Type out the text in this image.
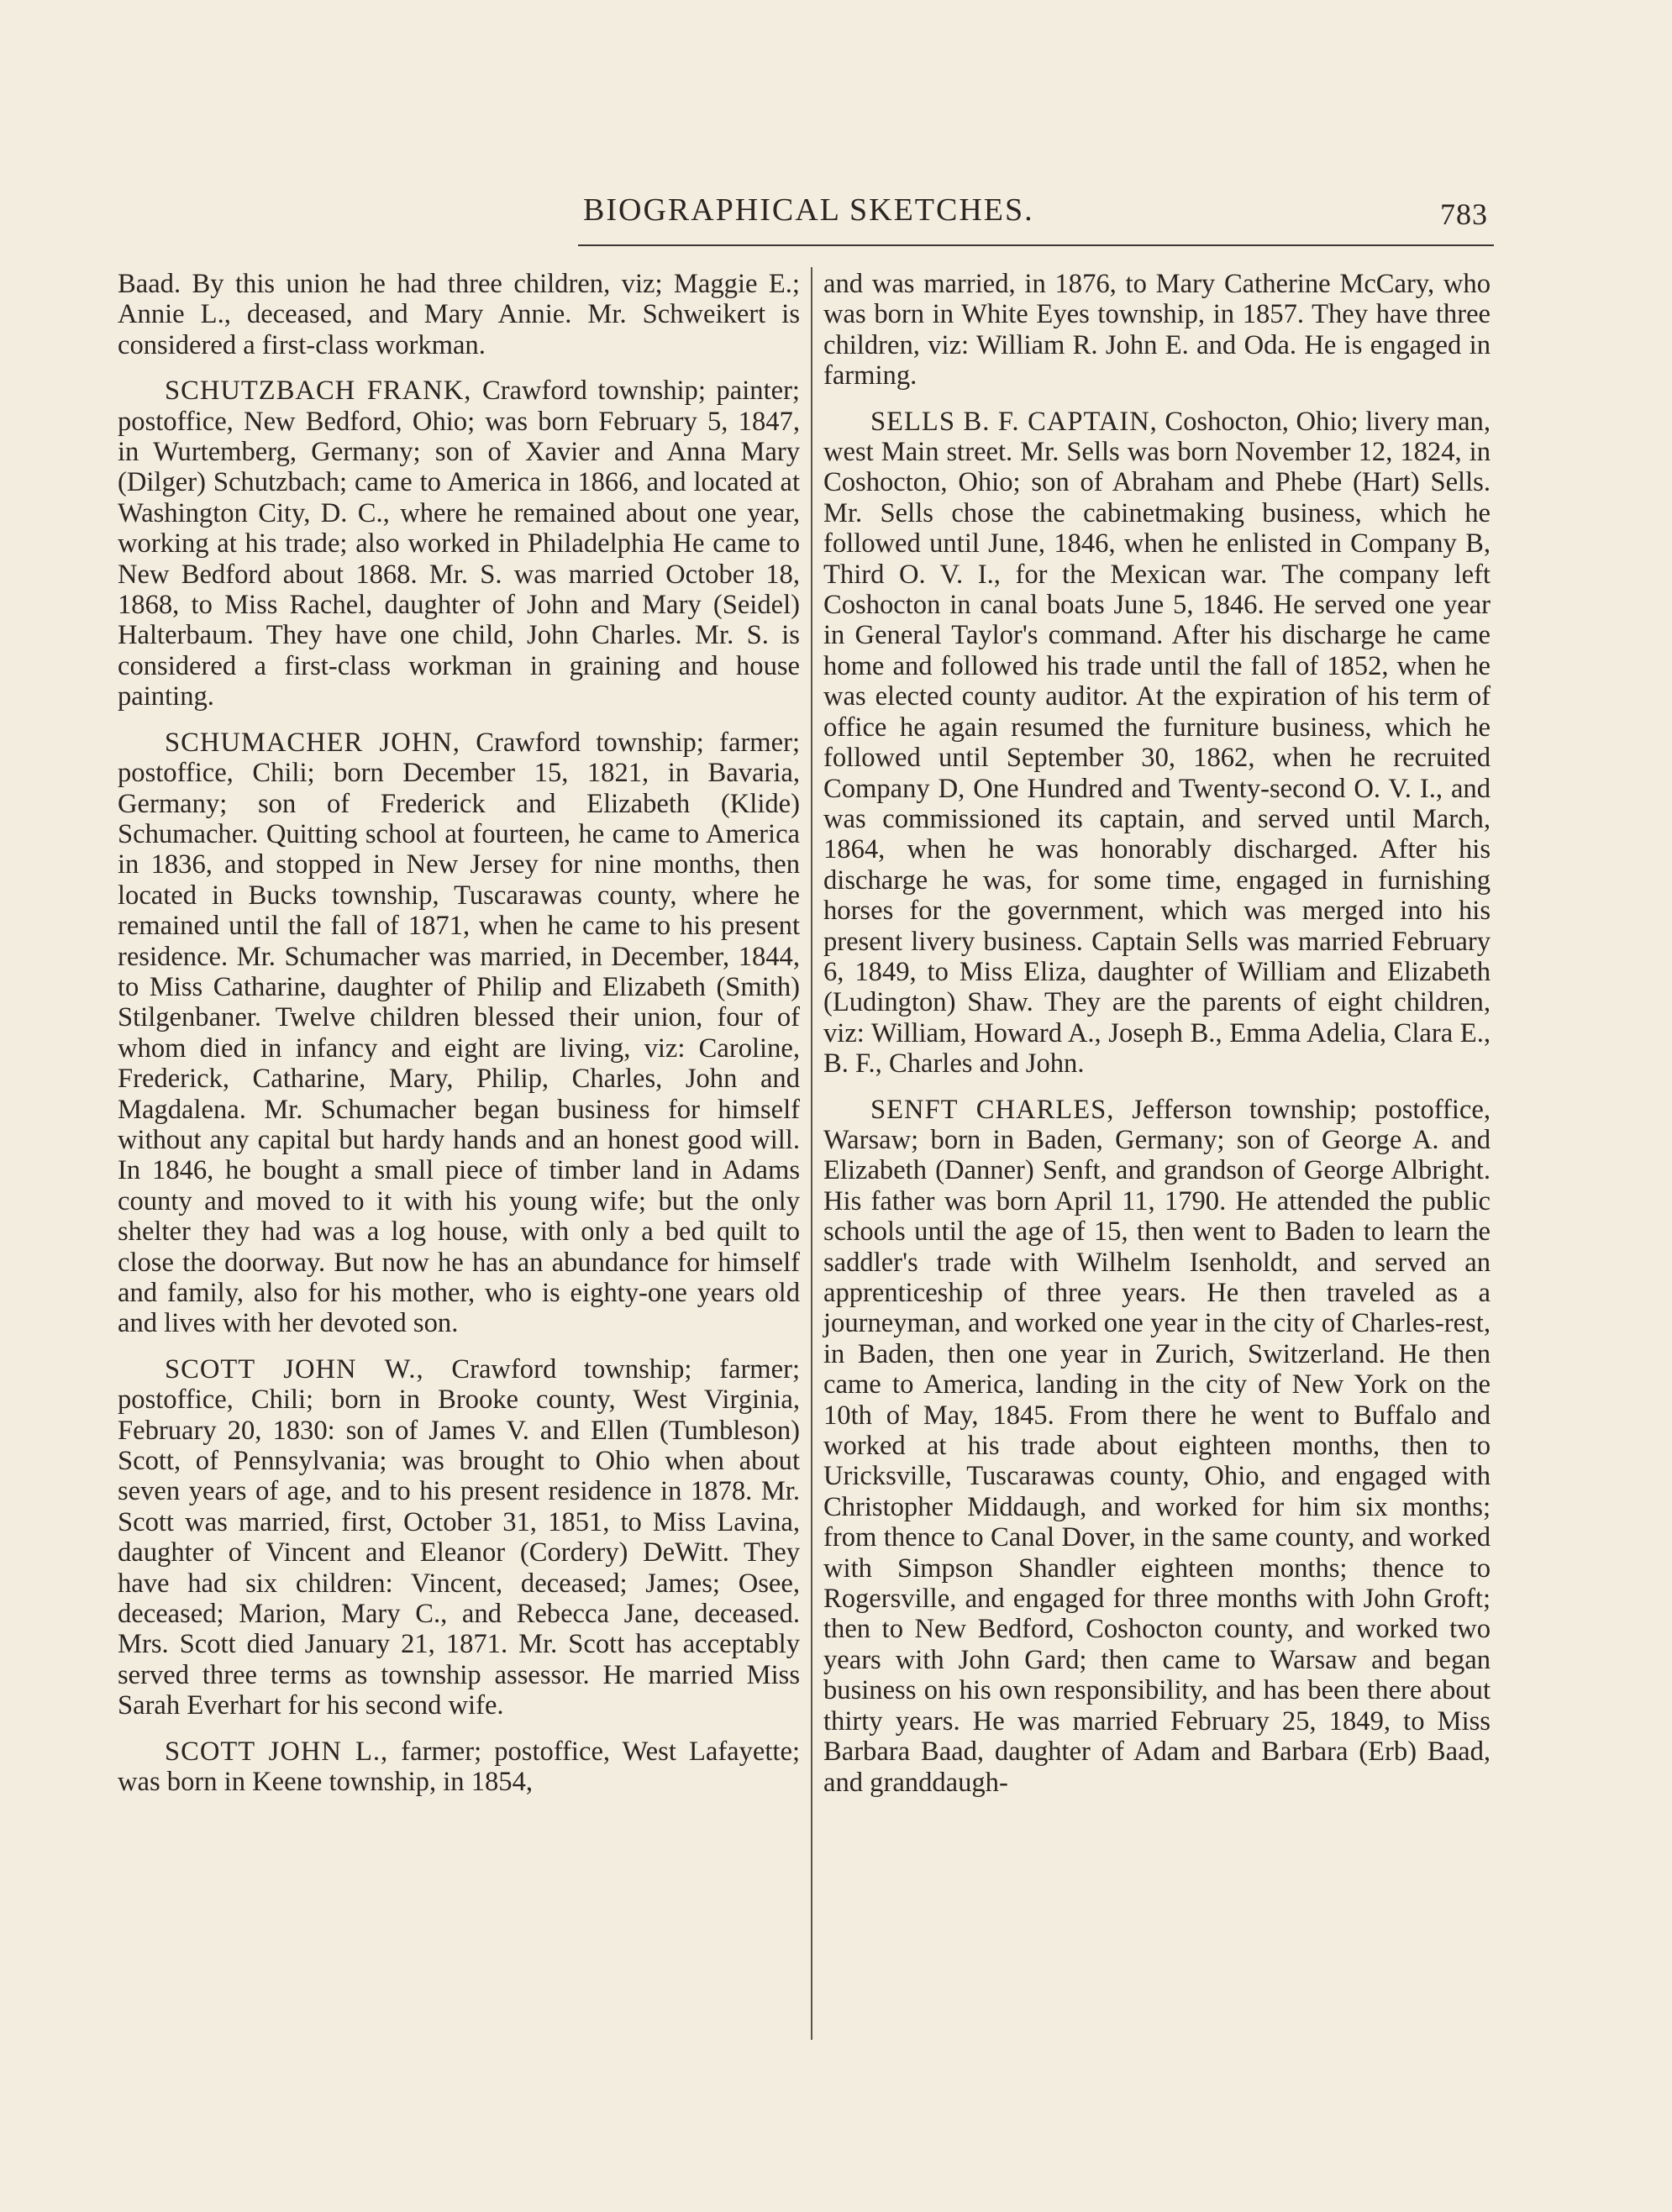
BIOGRAPHICAL SKETCHES.	783

Baad. By this union he had three children, viz; Maggie E.; Annie L., deceased, and Mary Annie. Mr. Schweikert is considered a first-class workman.

SCHUTZBACH FRANK, Crawford township; painter; postoffice, New Bedford, Ohio; was born February 5, 1847, in Wurtemberg, Germany; son of Xavier and Anna Mary (Dilger) Schutzbach; came to America in 1866, and located at Washington City, D. C., where he remained about one year, working at his trade; also worked in Philadelphia He came to New Bedford about 1868. Mr. S. was married October 18, 1868, to Miss Rachel, daughter of John and Mary (Seidel) Halterbaum. They have one child, John Charles. Mr. S. is considered a first-class workman in graining and house painting.

SCHUMACHER JOHN, Crawford township; farmer; postoffice, Chili; born December 15, 1821, in Bavaria, Germany; son of Frederick and Elizabeth (Klide) Schumacher. Quitting school at fourteen, he came to America in 1836, and stopped in New Jersey for nine months, then located in Bucks township, Tuscarawas county, where he remained until the fall of 1871, when he came to his present residence. Mr. Schumacher was married, in December, 1844, to Miss Catharine, daughter of Philip and Elizabeth (Smith) Stilgenbaner. Twelve children blessed their union, four of whom died in infancy and eight are living, viz: Caroline, Frederick, Catharine, Mary, Philip, Charles, John and Magdalena. Mr. Schumacher began business for himself without any capital but hardy hands and an honest good will. In 1846, he bought a small piece of timber land in Adams county and moved to it with his young wife; but the only shelter they had was a log house, with only a bed quilt to close the doorway. But now he has an abundance for himself and family, also for his mother, who is eighty-one years old and lives with her devoted son.

SCOTT JOHN W., Crawford township; farmer; postoffice, Chili; born in Brooke county, West Virginia, February 20, 1830: son of James V. and Ellen (Tumbleson) Scott, of Pennsylvania; was brought to Ohio when about seven years of age, and to his present residence in 1878. Mr. Scott was married, first, October 31, 1851, to Miss Lavina, daughter of Vincent and Eleanor (Cordery) DeWitt. They have had six children: Vincent, deceased; James; Osee, deceased; Marion, Mary C., and Rebecca Jane, deceased. Mrs. Scott died January 21, 1871. Mr. Scott has acceptably served three terms as township assessor. He married Miss Sarah Everhart for his second wife.

SCOTT JOHN L., farmer; postoffice, West Lafayette; was born in Keene township, in 1854,

and was married, in 1876, to Mary Catherine McCary, who was born in White Eyes township, in 1857. They have three children, viz: William R. John E. and Oda. He is engaged in farming.

SELLS B. F. CAPTAIN, Coshocton, Ohio; livery man, west Main street. Mr. Sells was born November 12, 1824, in Coshocton, Ohio; son of Abraham and Phebe (Hart) Sells. Mr. Sells chose the cabinetmaking business, which he followed until June, 1846, when he enlisted in Company B, Third O. V. I., for the Mexican war. The company left Coshocton in canal boats June 5, 1846. He served one year in General Taylor's command. After his discharge he came home and followed his trade until the fall of 1852, when he was elected county auditor. At the expiration of his term of office he again resumed the furniture business, which he followed until September 30, 1862, when he recruited Company D, One Hundred and Twenty-second O. V. I., and was commissioned its captain, and served until March, 1864, when he was honorably discharged. After his discharge he was, for some time, engaged in furnishing horses for the government, which was merged into his present livery business. Captain Sells was married February 6, 1849, to Miss Eliza, daughter of William and Elizabeth (Ludington) Shaw. They are the parents of eight children, viz: William, Howard A., Joseph B., Emma Adelia, Clara E., B. F., Charles and John.

SENFT CHARLES, Jefferson township; postoffice, Warsaw; born in Baden, Germany; son of George A. and Elizabeth (Danner) Senft, and grandson of George Albright. His father was born April 11, 1790. He attended the public schools until the age of 15, then went to Baden to learn the saddler's trade with Wilhelm Isenholdt, and served an apprenticeship of three years. He then traveled as a journeyman, and worked one year in the city of Charles-rest, in Baden, then one year in Zurich, Switzerland. He then came to America, landing in the city of New York on the 10th of May, 1845. From there he went to Buffalo and worked at his trade about eighteen months, then to Uricksville, Tuscarawas county, Ohio, and engaged with Christopher Middaugh, and worked for him six months; from thence to Canal Dover, in the same county, and worked with Simpson Shandler eighteen months; thence to Rogersville, and engaged for three months with John Groft; then to New Bedford, Coshocton county, and worked two years with John Gard; then came to Warsaw and began business on his own responsibility, and has been there about thirty years. He was married February 25, 1849, to Miss Barbara Baad, daughter of Adam and Barbara (Erb) Baad, and granddaugh-
